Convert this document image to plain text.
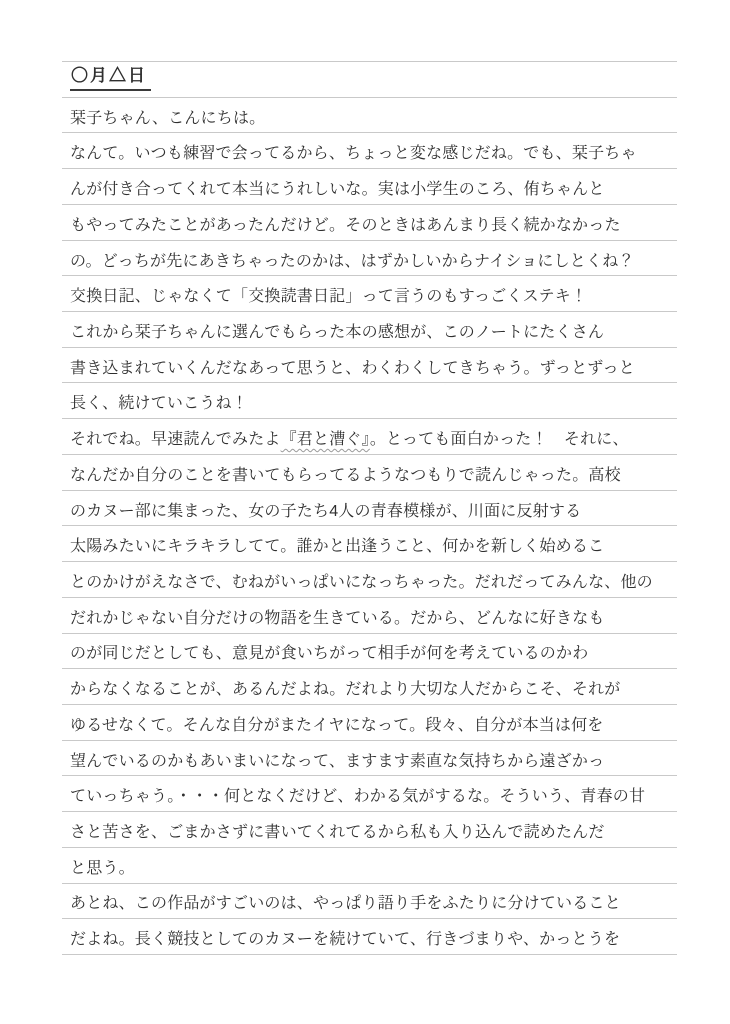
〇月△日
栞子ちゃん、こんにちは。
なんて。いつも練習で会ってるから、ちょっと変な感じだね。でも、栞子ちゃ
んが付き合ってくれて本当にうれしいな。実は小学生のころ、侑ちゃんと
もやってみたことがあったんだけど。そのときはあんまり長く続かなかった
の。どっちが先にあきちゃったのかは、はずかしいからナイショにしとくね？
交換日記、じゃなくて「交換読書日記」って言うのもすっごくステキ！
これから栞子ちゃんに選んでもらった本の感想が、このノートにたくさん
書き込まれていくんだなあって思うと、わくわくしてきちゃう。ずっとずっと
長く、続けていこうね！
それでね。早速読んでみたよ『君と漕ぐ』。とっても面白かった！　それに、
なんだか自分のことを書いてもらってるようなつもりで読んじゃった。高校
のカヌー部に集まった、女の子たち4人の青春模様が、川面に反射する
太陽みたいにキラキラしてて。誰かと出逢うこと、何かを新しく始めるこ
とのかけがえなさで、むねがいっぱいになっちゃった。だれだってみんな、他の
だれかじゃない自分だけの物語を生きている。だから、どんなに好きなも
のが同じだとしても、意見が食いちがって相手が何を考えているのかわ
からなくなることが、あるんだよね。だれより大切な人だからこそ、それが
ゆるせなくて。そんな自分がまたイヤになって。段々、自分が本当は何を
望んでいるのかもあいまいになって、ますます素直な気持ちから遠ざかっ
ていっちゃう。・・・何となくだけど、わかる気がするな。そういう、青春の甘
さと苦さを、ごまかさずに書いてくれてるから私も入り込んで読めたんだ
と思う。
あとね、この作品がすごいのは、やっぱり語り手をふたりに分けていること
だよね。長く競技としてのカヌーを続けていて、行きづまりや、かっとうを
